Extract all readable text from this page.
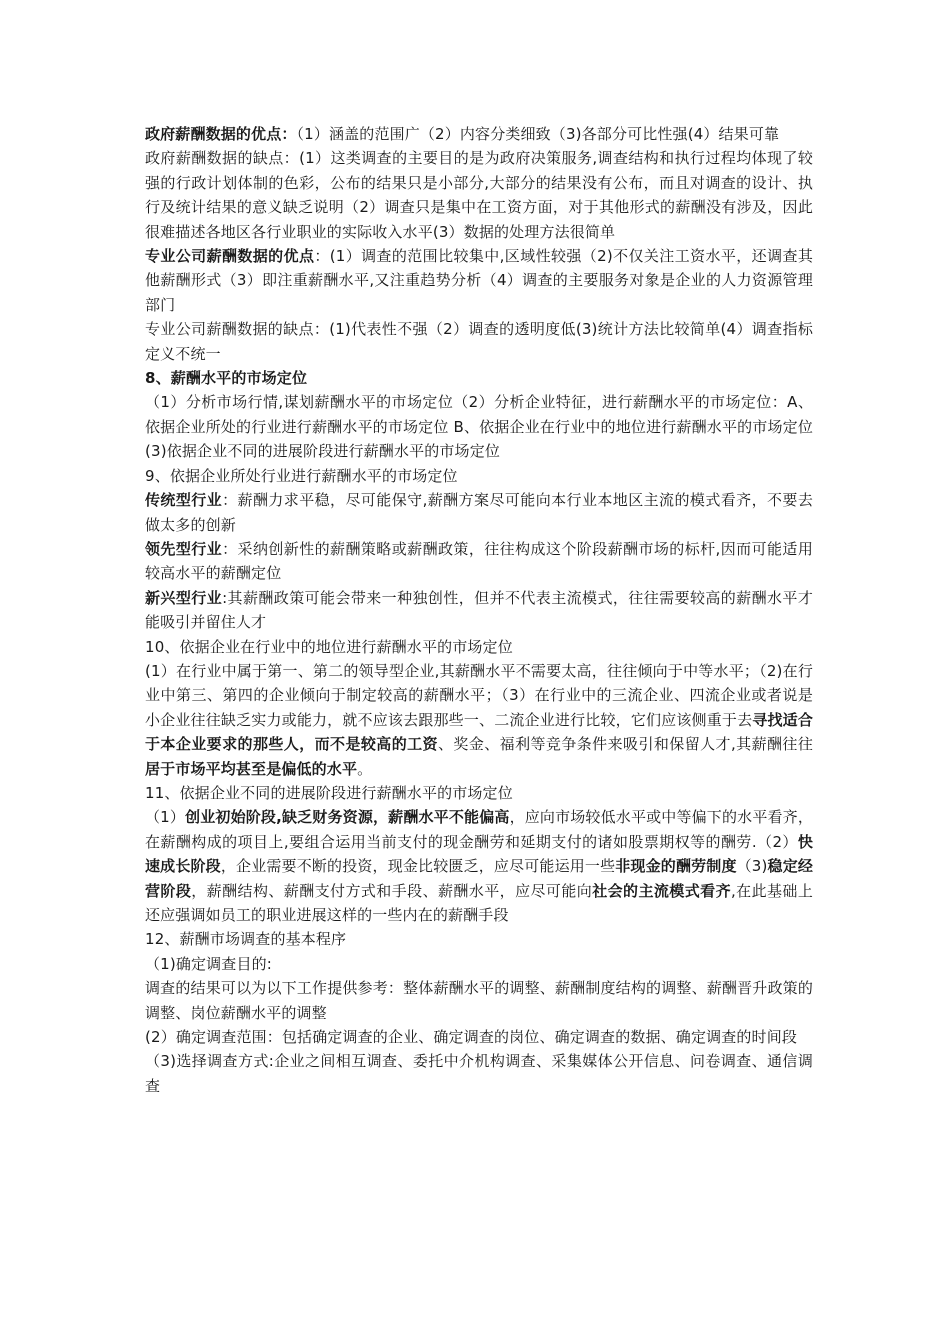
政府薪酬数据的优点：（1）涵盖的范围广（2）内容分类细致（3)各部分可比性强(4）结果可靠

政府薪酬数据的缺点：(1）这类调查的主要目的是为政府决策服务,调查结构和执行过程均体现了较强的行政计划体制的色彩，公布的结果只是小部分,大部分的结果没有公布，而且对调查的设计、执行及统计结果的意义缺乏说明（2）调查只是集中在工资方面，对于其他形式的薪酬没有涉及，因此很难描述各地区各行业职业的实际收入水平(3）数据的处理方法很简单

专业公司薪酬数据的优点：(1）调查的范围比较集中,区域性较强（2)不仅关注工资水平，还调查其他薪酬形式（3）即注重薪酬水平,又注重趋势分析（4）调查的主要服务对象是企业的人力资源管理部门

专业公司薪酬数据的缺点：(1)代表性不强（2）调查的透明度低(3)统计方法比较简单(4）调查指标定义不统一

8、薪酬水平的市场定位

（1）分析市场行情,谋划薪酬水平的市场定位（2）分析企业特征，进行薪酬水平的市场定位：A、依据企业所处的行业进行薪酬水平的市场定位 B、依据企业在行业中的地位进行薪酬水平的市场定位(3)依据企业不同的进展阶段进行薪酬水平的市场定位

9、依据企业所处行业进行薪酬水平的市场定位

传统型行业：薪酬力求平稳，尽可能保守,薪酬方案尽可能向本行业本地区主流的模式看齐，不要去做太多的创新

领先型行业：采纳创新性的薪酬策略或薪酬政策，往往构成这个阶段薪酬市场的标杆,因而可能适用较高水平的薪酬定位

新兴型行业:其薪酬政策可能会带来一种独创性，但并不代表主流模式，往往需要较高的薪酬水平才能吸引并留住人才

10、依据企业在行业中的地位进行薪酬水平的市场定位

(1）在行业中属于第一、第二的领导型企业,其薪酬水平不需要太高，往往倾向于中等水平；（2)在行业中第三、第四的企业倾向于制定较高的薪酬水平；（3）在行业中的三流企业、四流企业或者说是小企业往往缺乏实力或能力，就不应该去跟那些一、二流企业进行比较，它们应该侧重于去寻找适合于本企业要求的那些人，而不是较高的工资、奖金、福利等竞争条件来吸引和保留人才,其薪酬往往居于市场平均甚至是偏低的水平。

11、依据企业不同的进展阶段进行薪酬水平的市场定位

（1）创业初始阶段,缺乏财务资源，薪酬水平不能偏高，应向市场较低水平或中等偏下的水平看齐，在薪酬构成的项目上,要组合运用当前支付的现金酬劳和延期支付的诸如股票期权等的酬劳.（2）快速成长阶段，企业需要不断的投资，现金比较匮乏，应尽可能运用一些非现金的酬劳制度（3)稳定经营阶段，薪酬结构、薪酬支付方式和手段、薪酬水平，应尽可能向社会的主流模式看齐,在此基础上还应强调如员工的职业进展这样的一些内在的薪酬手段

12、薪酬市场调查的基本程序

（1)确定调查目的:

调查的结果可以为以下工作提供参考：整体薪酬水平的调整、薪酬制度结构的调整、薪酬晋升政策的调整、岗位薪酬水平的调整

(2）确定调查范围：包括确定调查的企业、确定调查的岗位、确定调查的数据、确定调查的时间段

（3)选择调查方式:企业之间相互调查、委托中介机构调查、采集媒体公开信息、问卷调查、通信调查
